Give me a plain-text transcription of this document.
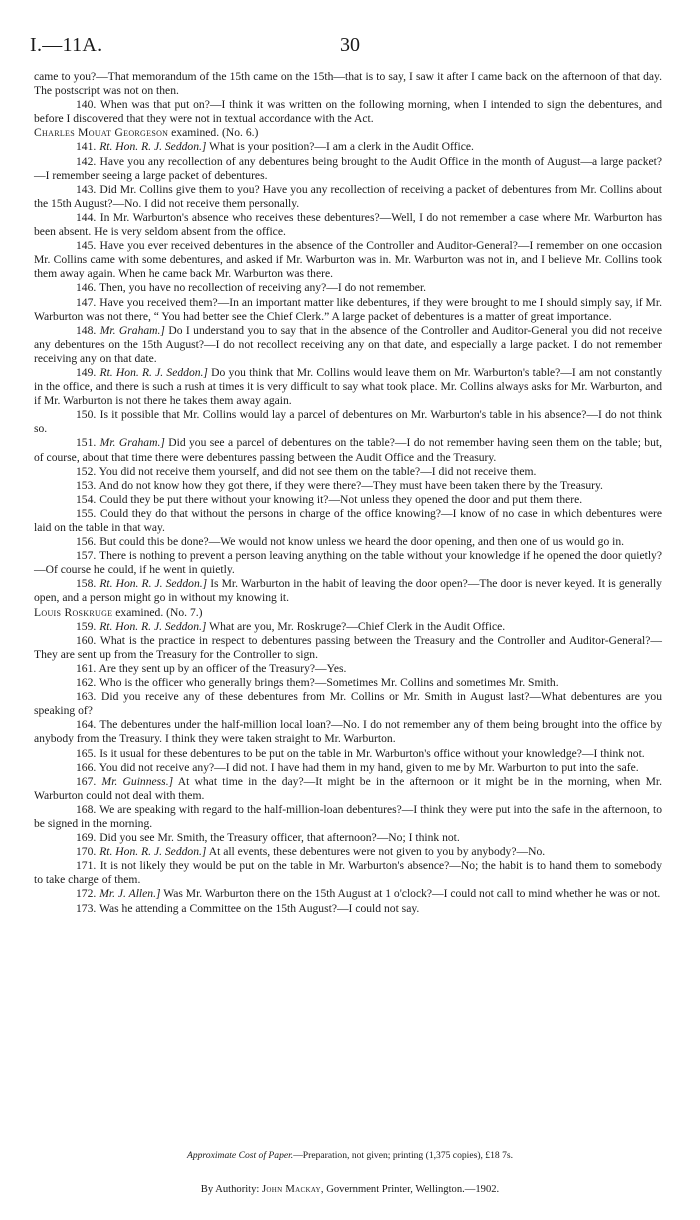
I.—11A.	30

came to you?—That memorandum of the 15th came on the 15th—that is to say, I saw it after I came back on the afternoon of that day. The postscript was not on then.

140. When was that put on?—I think it was written on the following morning, when I intended to sign the debentures, and before I discovered that they were not in textual accordance with the Act.

Charles Mouat Georgeson examined. (No. 6.)

141. Rt. Hon. R. J. Seddon.] What is your position?—I am a clerk in the Audit Office.

142. Have you any recollection of any debentures being brought to the Audit Office in the month of August—a large packet?—I remember seeing a large packet of debentures.

143. Did Mr. Collins give them to you? Have you any recollection of receiving a packet of debentures from Mr. Collins about the 15th August?—No. I did not receive them personally.

144. In Mr. Warburton's absence who receives these debentures?—Well, I do not remember a case where Mr. Warburton has been absent. He is very seldom absent from the office.

145. Have you ever received debentures in the absence of the Controller and Auditor-General?—I remember on one occasion Mr. Collins came with some debentures, and asked if Mr. Warburton was in. Mr. Warburton was not in, and I believe Mr. Collins took them away again. When he came back Mr. Warburton was there.

146. Then, you have no recollection of receiving any?—I do not remember.

147. Have you received them?—In an important matter like debentures, if they were brought to me I should simply say, if Mr. Warburton was not there, “ You had better see the Chief Clerk.” A large packet of debentures is a matter of great importance.

148. Mr. Graham.] Do I understand you to say that in the absence of the Controller and Auditor-General you did not receive any debentures on the 15th August?—I do not recollect receiving any on that date, and especially a large packet. I do not remember receiving any on that date.

149. Rt. Hon. R. J. Seddon.] Do you think that Mr. Collins would leave them on Mr. Warburton's table?—I am not constantly in the office, and there is such a rush at times it is very difficult to say what took place. Mr. Collins always asks for Mr. Warburton, and if Mr. Warburton is not there he takes them away again.

150. Is it possible that Mr. Collins would lay a parcel of debentures on Mr. Warburton's table in his absence?—I do not think so.

151. Mr. Graham.] Did you see a parcel of debentures on the table?—I do not remember having seen them on the table; but, of course, about that time there were debentures passing between the Audit Office and the Treasury.

152. You did not receive them yourself, and did not see them on the table?—I did not receive them.

153. And do not know how they got there, if they were there?—They must have been taken there by the Treasury.

154. Could they be put there without your knowing it?—Not unless they opened the door and put them there.

155. Could they do that without the persons in charge of the office knowing?—I know of no case in which debentures were laid on the table in that way.

156. But could this be done?—We would not know unless we heard the door opening, and then one of us would go in.

157. There is nothing to prevent a person leaving anything on the table without your knowledge if he opened the door quietly?—Of course he could, if he went in quietly.

158. Rt. Hon. R. J. Seddon.] Is Mr. Warburton in the habit of leaving the door open?—The door is never keyed. It is generally open, and a person might go in without my knowing it.

Louis Roskruge examined. (No. 7.)

159. Rt. Hon. R. J. Seddon.] What are you, Mr. Roskruge?—Chief Clerk in the Audit Office.

160. What is the practice in respect to debentures passing between the Treasury and the Controller and Auditor-General?—They are sent up from the Treasury for the Controller to sign.

161. Are they sent up by an officer of the Treasury?—Yes.

162. Who is the officer who generally brings them?—Sometimes Mr. Collins and sometimes Mr. Smith.

163. Did you receive any of these debentures from Mr. Collins or Mr. Smith in August last?—What debentures are you speaking of?

164. The debentures under the half-million local loan?—No. I do not remember any of them being brought into the office by anybody from the Treasury. I think they were taken straight to Mr. Warburton.

165. Is it usual for these debentures to be put on the table in Mr. Warburton's office without your knowledge?—I think not.

166. You did not receive any?—I did not. I have had them in my hand, given to me by Mr. Warburton to put into the safe.

167. Mr. Guinness.] At what time in the day?—It might be in the afternoon or it might be in the morning, when Mr. Warburton could not deal with them.

168. We are speaking with regard to the half-million-loan debentures?—I think they were put into the safe in the afternoon, to be signed in the morning.

169. Did you see Mr. Smith, the Treasury officer, that afternoon?—No; I think not.

170. Rt. Hon. R. J. Seddon.] At all events, these debentures were not given to you by anybody?—No.

171. It is not likely they would be put on the table in Mr. Warburton's absence?—No; the habit is to hand them to somebody to take charge of them.

172. Mr. J. Allen.] Was Mr. Warburton there on the 15th August at 1 o'clock?—I could not call to mind whether he was or not.

173. Was he attending a Committee on the 15th August?—I could not say.

Approximate Cost of Paper.—Preparation, not given; printing (1,375 copies), £18 7s.
By Authority: John Mackay, Government Printer, Wellington.—1902.
